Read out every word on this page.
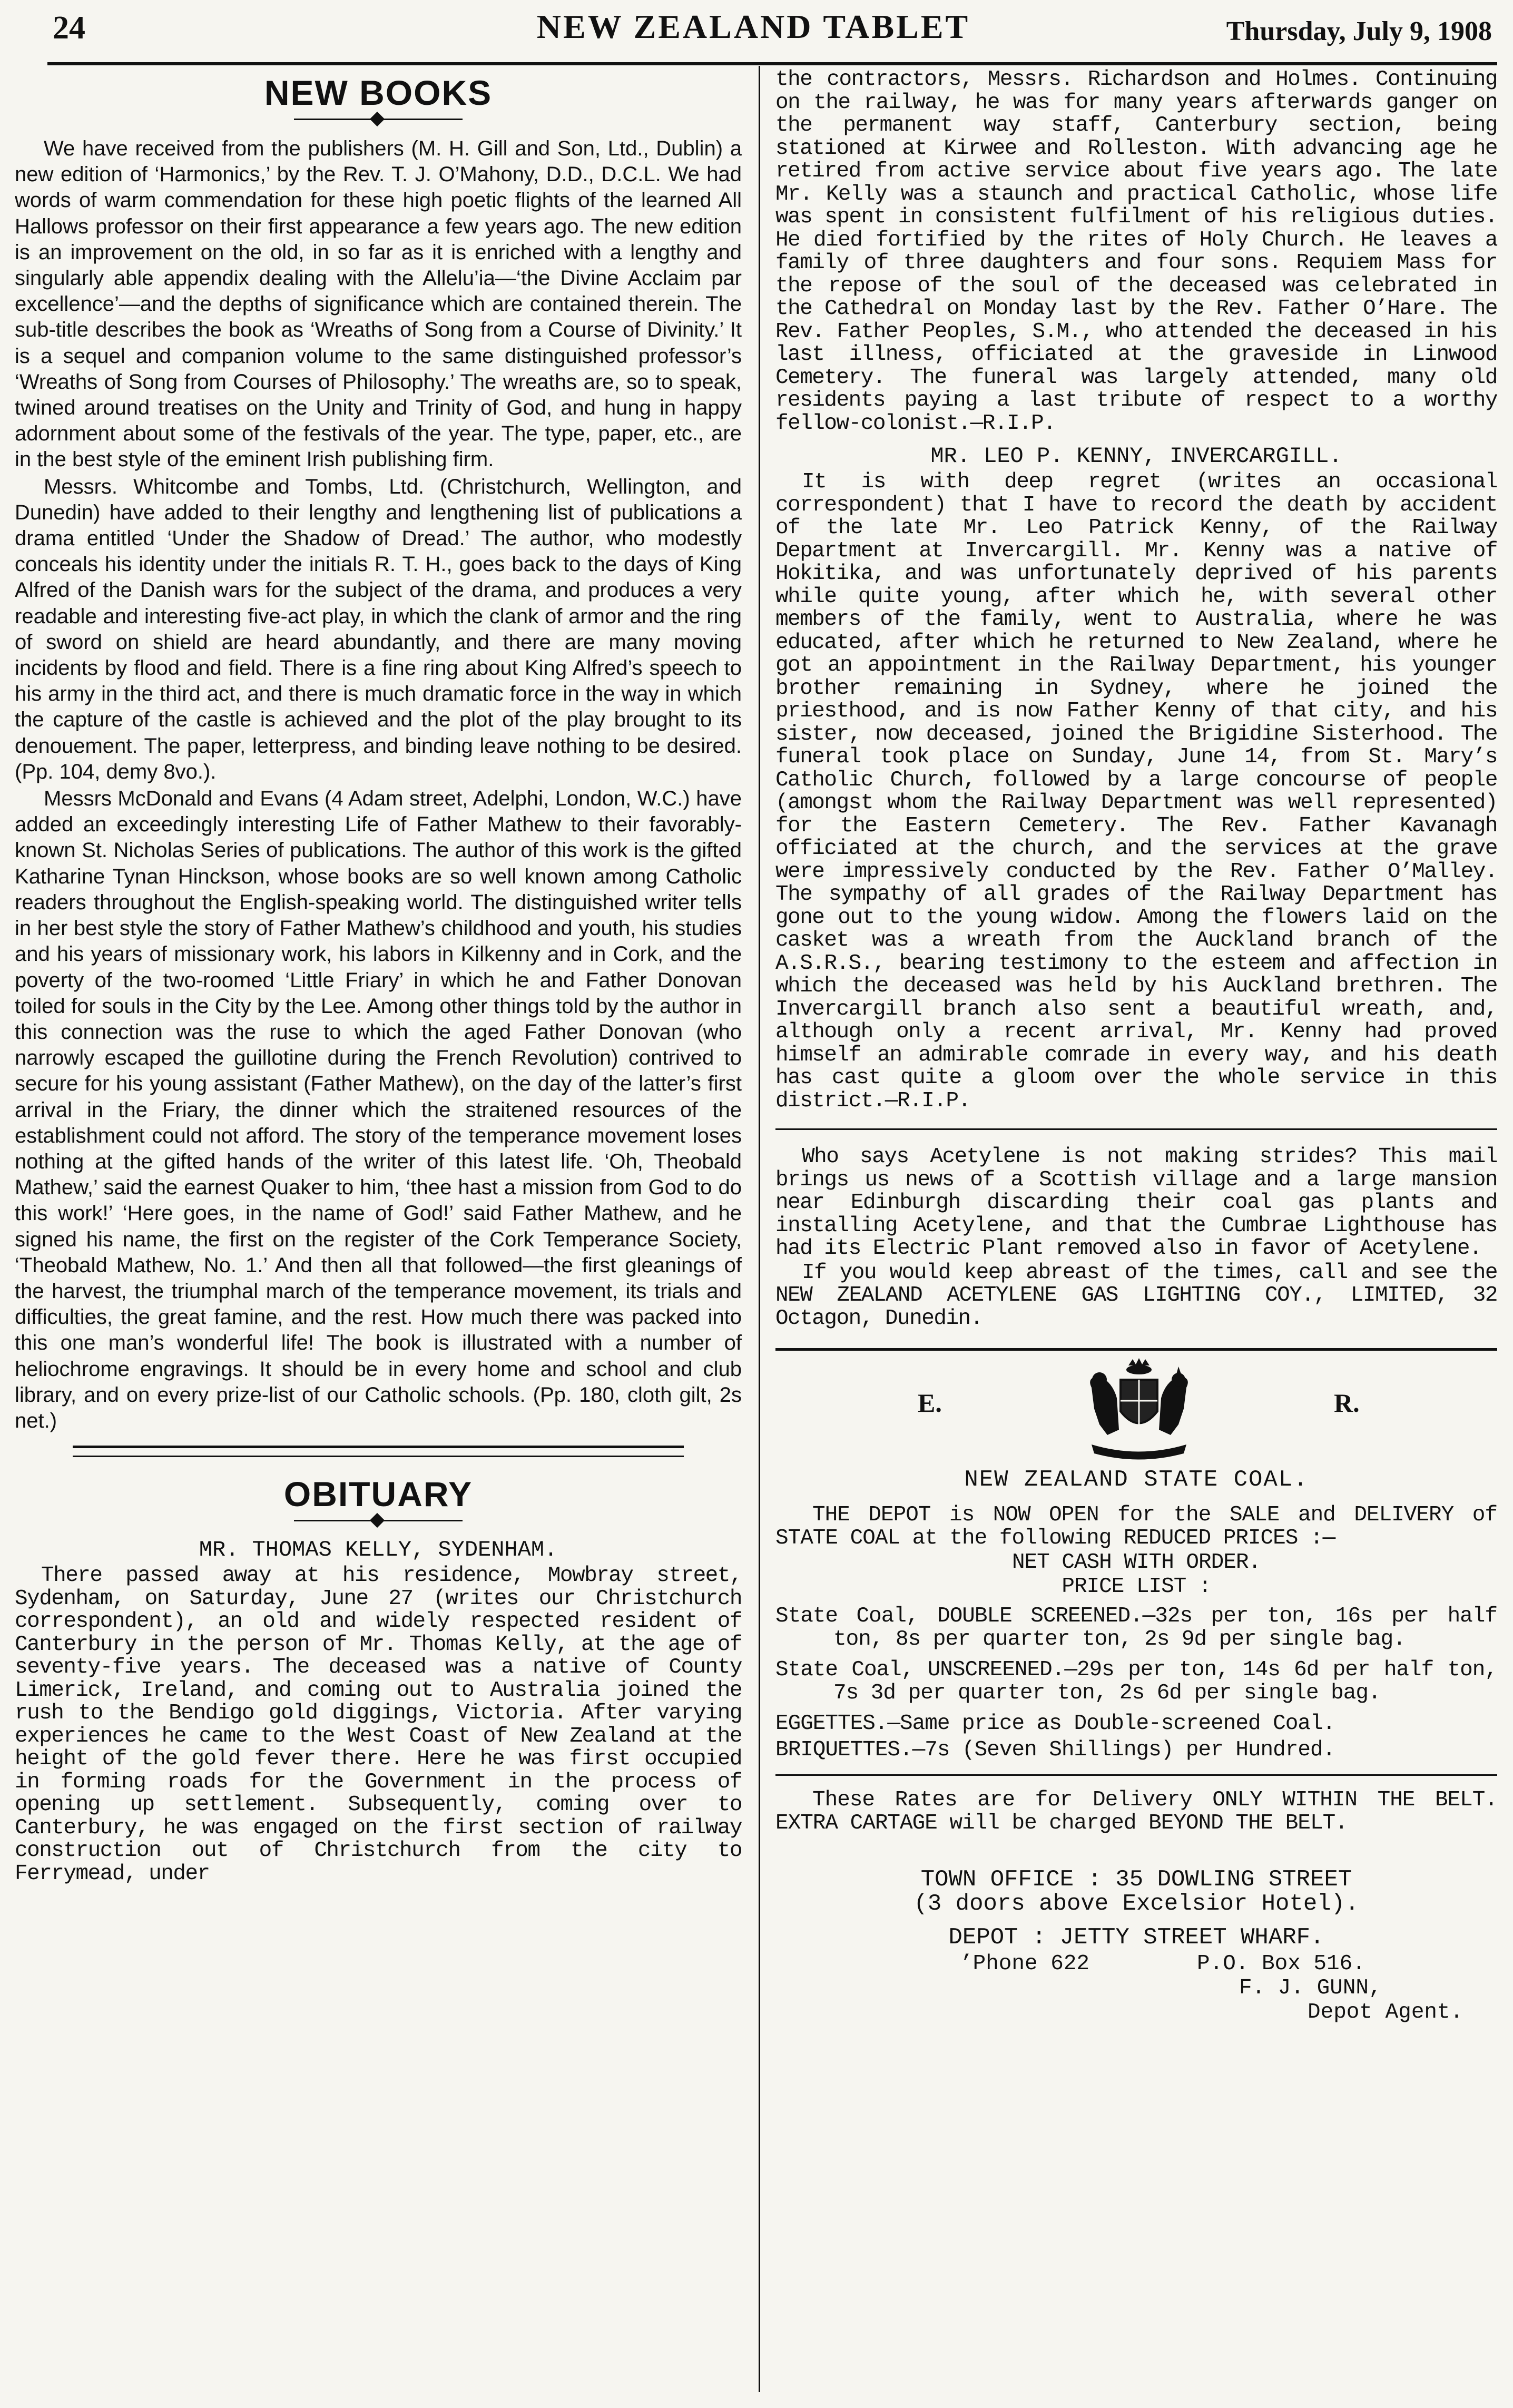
24	NEW ZEALAND TABLET	Thursday, July 9, 1908
NEW BOOKS

We have received from the publishers (M. H. Gill and Son, Ltd., Dublin) a new edition of ‘Harmonics,’ by the Rev. T. J. O’Mahony, D.D., D.C.L. We had words of warm commendation for these high poetic flights of the learned All Hallows professor on their first appearance a few years ago. The new edition is an improvement on the old, in so far as it is enriched with a lengthy and singularly able appendix dealing with the Allelu’ia—‘the Divine Acclaim par excellence’—and the depths of significance which are contained therein. The sub-title describes the book as ‘Wreaths of Song from a Course of Divinity.’ It is a sequel and companion volume to the same distinguished professor’s ‘Wreaths of Song from Courses of Philosophy.’ The wreaths are, so to speak, twined around treatises on the Unity and Trinity of God, and hung in happy adornment about some of the festivals of the year. The type, paper, etc., are in the best style of the eminent Irish publishing firm.

Messrs. Whitcombe and Tombs, Ltd. (Christchurch, Wellington, and Dunedin) have added to their lengthy and lengthening list of publications a drama entitled ‘Under the Shadow of Dread.’ The author, who modestly conceals his identity under the initials R. T. H., goes back to the days of King Alfred of the Danish wars for the subject of the drama, and produces a very readable and interesting five-act play, in which the clank of armor and the ring of sword on shield are heard abundantly, and there are many moving incidents by flood and field. There is a fine ring about King Alfred’s speech to his army in the third act, and there is much dramatic force in the way in which the capture of the castle is achieved and the plot of the play brought to its denouement. The paper, letterpress, and binding leave nothing to be desired. (Pp. 104, demy 8vo.).

Messrs McDonald and Evans (4 Adam street, Adelphi, London, W.C.) have added an exceedingly interesting Life of Father Mathew to their favorably-known St. Nicholas Series of publications. The author of this work is the gifted Katharine Tynan Hinckson, whose books are so well known among Catholic readers throughout the English-speaking world. The distinguished writer tells in her best style the story of Father Mathew’s childhood and youth, his studies and his years of missionary work, his labors in Kilkenny and in Cork, and the poverty of the two-roomed ‘Little Friary’ in which he and Father Donovan toiled for souls in the City by the Lee. Among other things told by the author in this connection was the ruse to which the aged Father Donovan (who narrowly escaped the guillotine during the French Revolution) contrived to secure for his young assistant (Father Mathew), on the day of the latter’s first arrival in the Friary, the dinner which the straitened resources of the establishment could not afford. The story of the temperance movement loses nothing at the gifted hands of the writer of this latest life. ‘Oh, Theobald Mathew,’ said the earnest Quaker to him, ‘thee hast a mission from God to do this work!’ ‘Here goes, in the name of God!’ said Father Mathew, and he signed his name, the first on the register of the Cork Temperance Society, ‘Theobald Mathew, No. 1.’ And then all that followed—the first gleanings of the harvest, the triumphal march of the temperance movement, its trials and difficulties, the great famine, and the rest. How much there was packed into this one man’s wonderful life! The book is illustrated with a number of heliochrome engravings. It should be in every home and school and club library, and on every prize-list of our Catholic schools. (Pp. 180, cloth gilt, 2s net.)

OBITUARY
MR. THOMAS KELLY, SYDENHAM.

There passed away at his residence, Mowbray street, Sydenham, on Saturday, June 27 (writes our Christchurch correspondent), an old and widely respected resident of Canterbury in the person of Mr. Thomas Kelly, at the age of seventy-five years. The deceased was a native of County Limerick, Ireland, and coming out to Australia joined the rush to the Bendigo gold diggings, Victoria. After varying experiences he came to the West Coast of New Zealand at the height of the gold fever there. Here he was first occupied in forming roads for the Government in the process of opening up settlement. Subsequently, coming over to Canterbury, he was engaged on the first section of railway construction out of Christchurch from the city to Ferrymead, under

the contractors, Messrs. Richardson and Holmes. Continuing on the railway, he was for many years afterwards ganger on the permanent way staff, Canterbury section, being stationed at Kirwee and Rolleston. With advancing age he retired from active service about five years ago. The late Mr. Kelly was a staunch and practical Catholic, whose life was spent in consistent fulfilment of his religious duties. He died fortified by the rites of Holy Church. He leaves a family of three daughters and four sons. Requiem Mass for the repose of the soul of the deceased was celebrated in the Cathedral on Monday last by the Rev. Father O’Hare. The Rev. Father Peoples, S.M., who attended the deceased in his last illness, officiated at the graveside in Linwood Cemetery. The funeral was largely attended, many old residents paying a last tribute of respect to a worthy fellow-colonist.—R.I.P.

MR. LEO P. KENNY, INVERCARGILL.

It is with deep regret (writes an occasional correspondent) that I have to record the death by accident of the late Mr. Leo Patrick Kenny, of the Railway Department at Invercargill. Mr. Kenny was a native of Hokitika, and was unfortunately deprived of his parents while quite young, after which he, with several other members of the family, went to Australia, where he was educated, after which he returned to New Zealand, where he got an appointment in the Railway Department, his younger brother remaining in Sydney, where he joined the priesthood, and is now Father Kenny of that city, and his sister, now deceased, joined the Brigidine Sisterhood. The funeral took place on Sunday, June 14, from St. Mary’s Catholic Church, followed by a large concourse of people (amongst whom the Railway Department was well represented) for the Eastern Cemetery. The Rev. Father Kavanagh officiated at the church, and the services at the grave were impressively conducted by the Rev. Father O’Malley. The sympathy of all grades of the Railway Department has gone out to the young widow. Among the flowers laid on the casket was a wreath from the Auckland branch of the A.S.R.S., bearing testimony to the esteem and affection in which the deceased was held by his Auckland brethren. The Invercargill branch also sent a beautiful wreath, and, although only a recent arrival, Mr. Kenny had proved himself an admirable comrade in every way, and his death has cast quite a gloom over the whole service in this district.—R.I.P.

Who says Acetylene is not making strides? This mail brings us news of a Scottish village and a large mansion near Edinburgh discarding their coal gas plants and installing Acetylene, and that the Cumbrae Lighthouse has had its Electric Plant removed also in favor of Acetylene.

If you would keep abreast of the times, call and see the NEW ZEALAND ACETYLENE GAS LIGHTING COY., LIMITED, 32 Octagon, Dunedin.

E.	R.
NEW ZEALAND STATE COAL.

THE DEPOT is NOW OPEN for the SALE and DELIVERY of STATE COAL at the following REDUCED PRICES :—

NET CASH WITH ORDER.

PRICE LIST :

State Coal, DOUBLE SCREENED.—32s per ton, 16s per half ton, 8s per quarter ton, 2s 9d per single bag.

State Coal, UNSCREENED.—29s per ton, 14s 6d per half ton, 7s 3d per quarter ton, 2s 6d per single bag.

EGGETTES.—Same price as Double-screened Coal.

BRIQUETTES.—7s (Seven Shillings) per Hundred.

These Rates are for Delivery ONLY WITHIN THE BELT. EXTRA CARTAGE will be charged BEYOND THE BELT.

TOWN OFFICE : 35 DOWLING STREET
(3 doors above Excelsior Hotel).
DEPOT : JETTY STREET WHARF.
’Phone 622	P.O. Box 516.
F. J. GUNN,
Depot Agent.
